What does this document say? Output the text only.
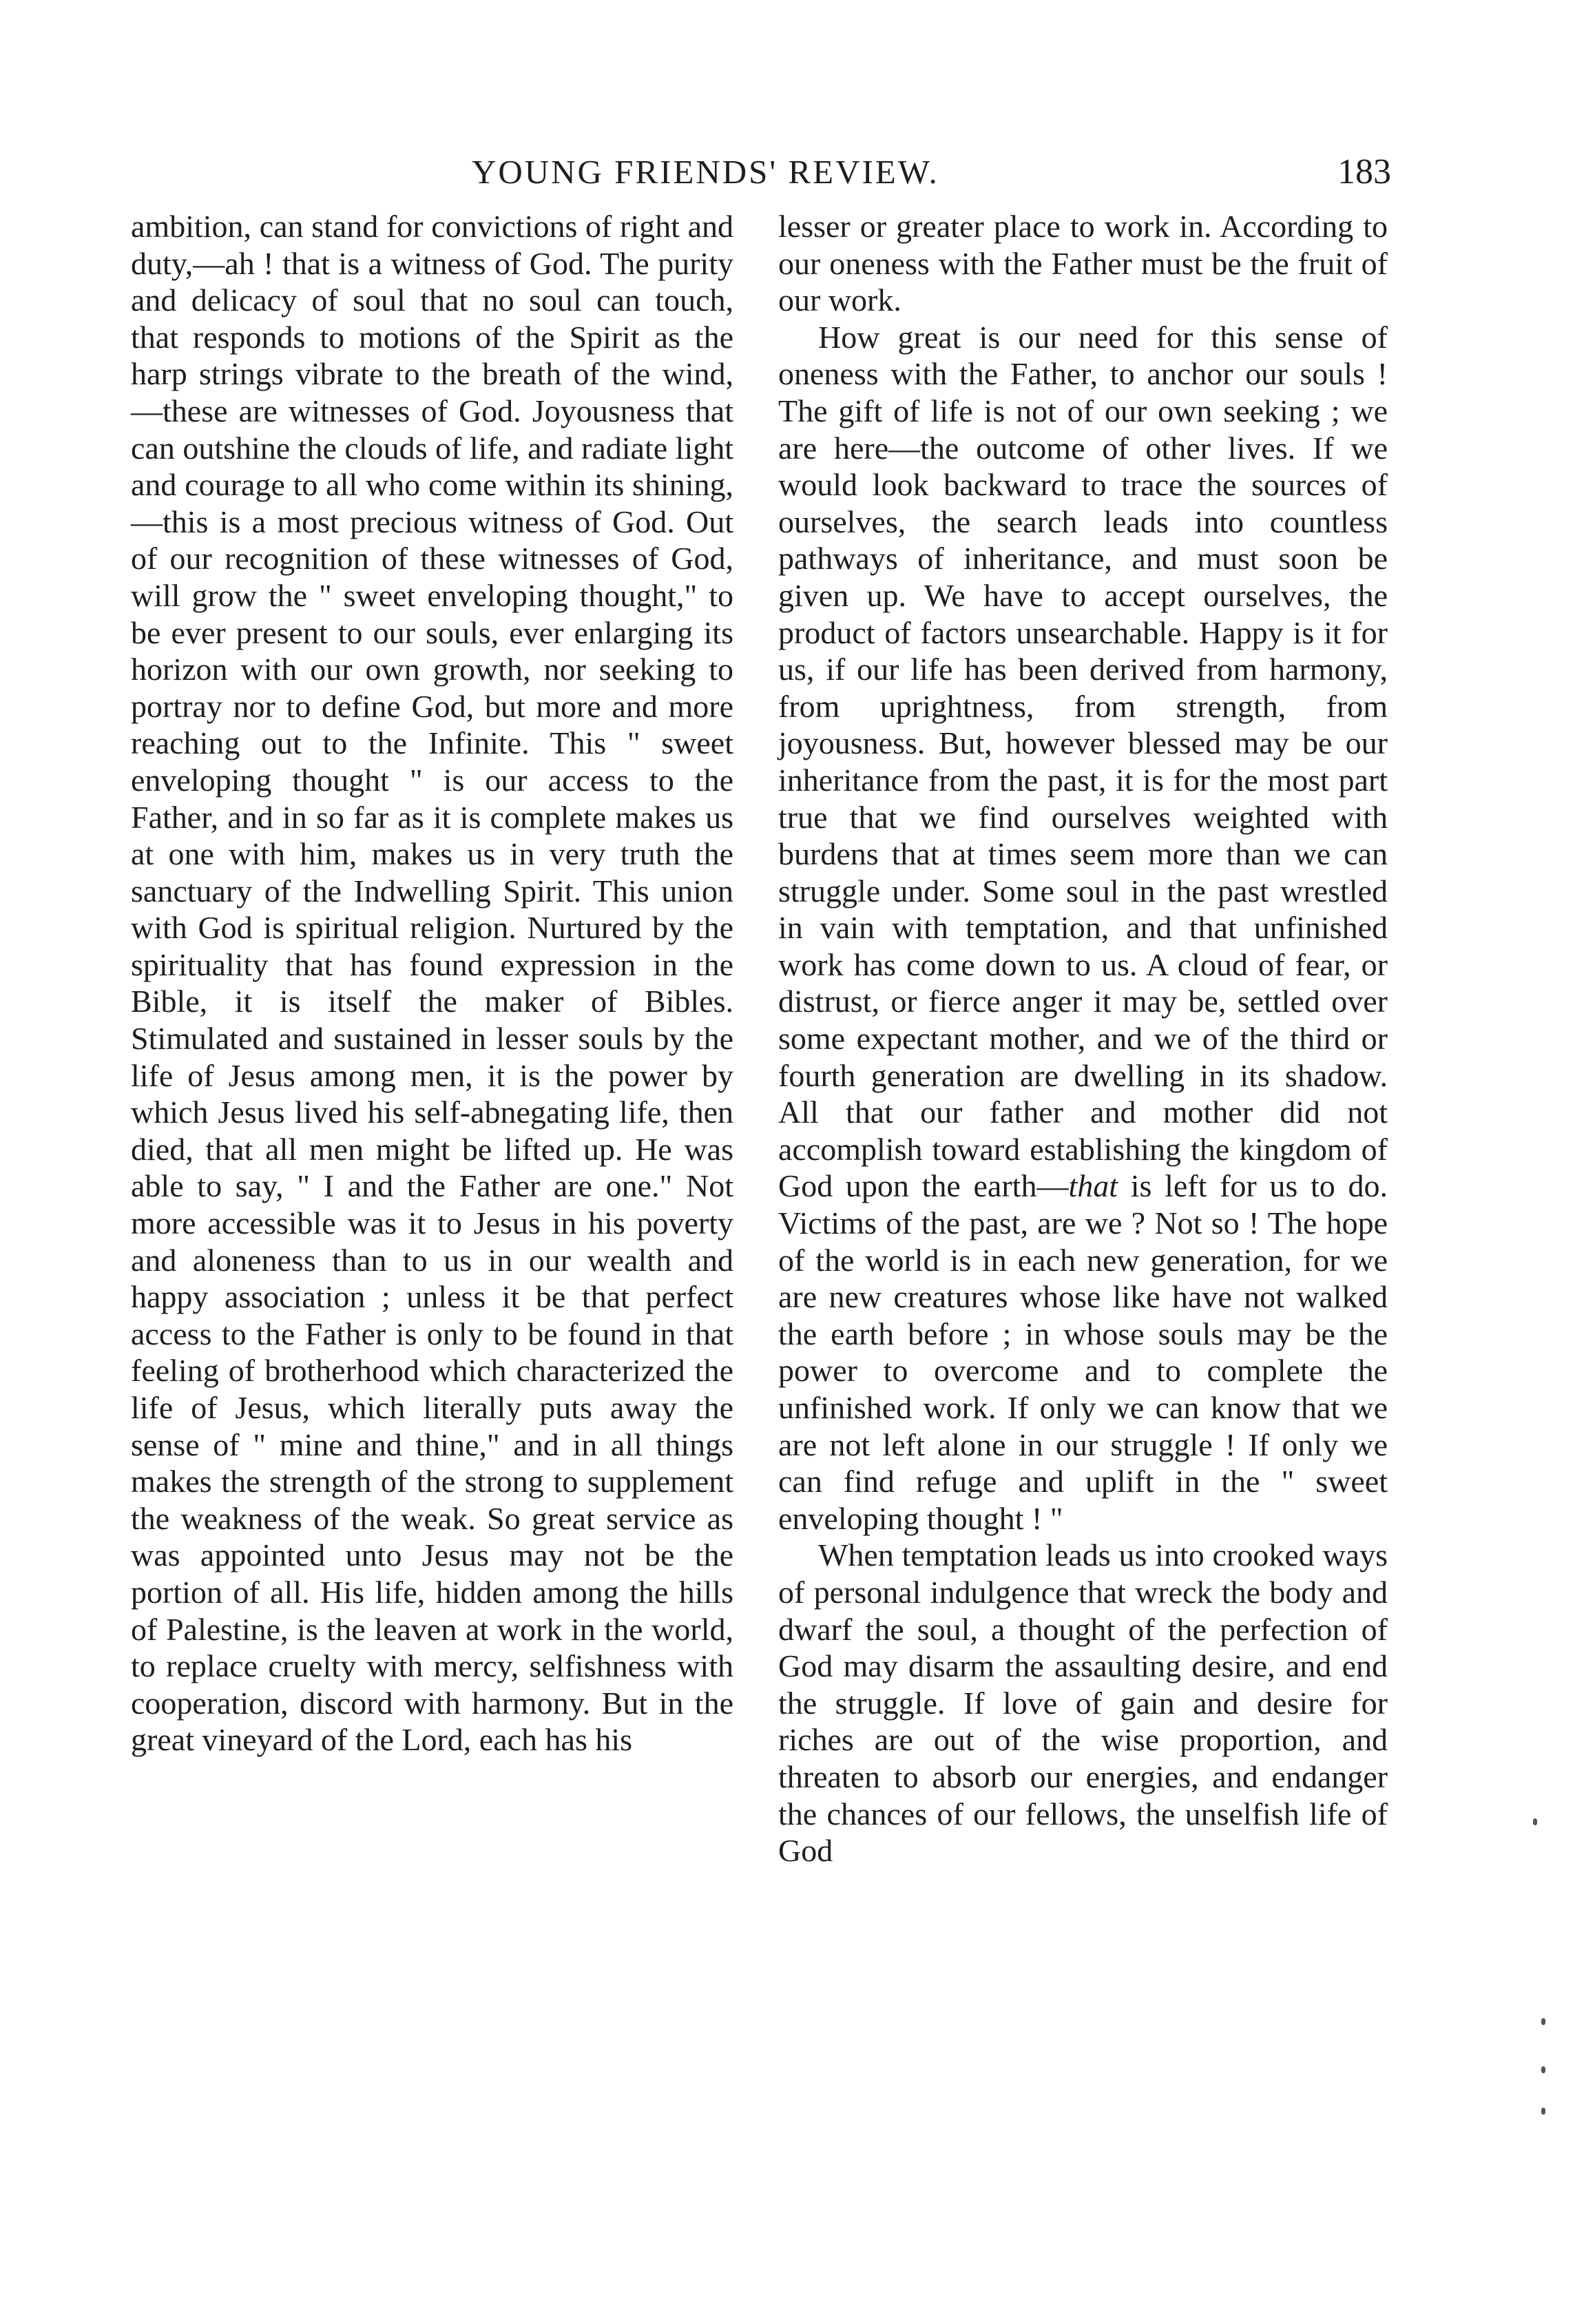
YOUNG FRIENDS' REVIEW.	183

ambition, can stand for convictions of right and duty,—ah ! that is a witness of God. The purity and delicacy of soul that no soul can touch, that responds to motions of the Spirit as the harp strings vibrate to the breath of the wind,—these are witnesses of God. Joyousness that can outshine the clouds of life, and radiate light and courage to all who come within its shining,—this is a most precious witness of God. Out of our recognition of these witnesses of God, will grow the " sweet enveloping thought," to be ever present to our souls, ever enlarging its horizon with our own growth, nor seeking to portray nor to define God, but more and more reaching out to the Infinite. This " sweet enveloping thought " is our access to the Father, and in so far as it is complete makes us at one with him, makes us in very truth the sanctuary of the Indwelling Spirit. This union with God is spiritual religion. Nurtured by the spirituality that has found expression in the Bible, it is itself the maker of Bibles. Stimulated and sustained in lesser souls by the life of Jesus among men, it is the power by which Jesus lived his self-abnegating life, then died, that all men might be lifted up. He was able to say, " I and the Father are one." Not more accessible was it to Jesus in his poverty and aloneness than to us in our wealth and happy association ; unless it be that perfect access to the Father is only to be found in that feeling of brotherhood which characterized the life of Jesus, which literally puts away the sense of " mine and thine," and in all things makes the strength of the strong to supplement the weakness of the weak. So great service as was appointed unto Jesus may not be the portion of all. His life, hidden among the hills of Palestine, is the leaven at work in the world, to replace cruelty with mercy, selfishness with cooperation, discord with harmony. But in the great vineyard of the Lord, each has his

lesser or greater place to work in. According to our oneness with the Father must be the fruit of our work.

How great is our need for this sense of oneness with the Father, to anchor our souls ! The gift of life is not of our own seeking ; we are here—the outcome of other lives. If we would look backward to trace the sources of ourselves, the search leads into countless pathways of inheritance, and must soon be given up. We have to accept ourselves, the product of factors unsearchable. Happy is it for us, if our life has been derived from harmony, from uprightness, from strength, from joyousness. But, however blessed may be our inheritance from the past, it is for the most part true that we find ourselves weighted with burdens that at times seem more than we can struggle under. Some soul in the past wrestled in vain with temptation, and that unfinished work has come down to us. A cloud of fear, or distrust, or fierce anger it may be, settled over some expectant mother, and we of the third or fourth generation are dwelling in its shadow. All that our father and mother did not accomplish toward establishing the kingdom of God upon the earth—that is left for us to do. Victims of the past, are we ? Not so ! The hope of the world is in each new generation, for we are new creatures whose like have not walked the earth before ; in whose souls may be the power to overcome and to complete the unfinished work. If only we can know that we are not left alone in our struggle ! If only we can find refuge and uplift in the " sweet enveloping thought ! "

When temptation leads us into crooked ways of personal indulgence that wreck the body and dwarf the soul, a thought of the perfection of God may disarm the assaulting desire, and end the struggle. If love of gain and desire for riches are out of the wise proportion, and threaten to absorb our energies, and endanger the chances of our fellows, the unselfish life of God
